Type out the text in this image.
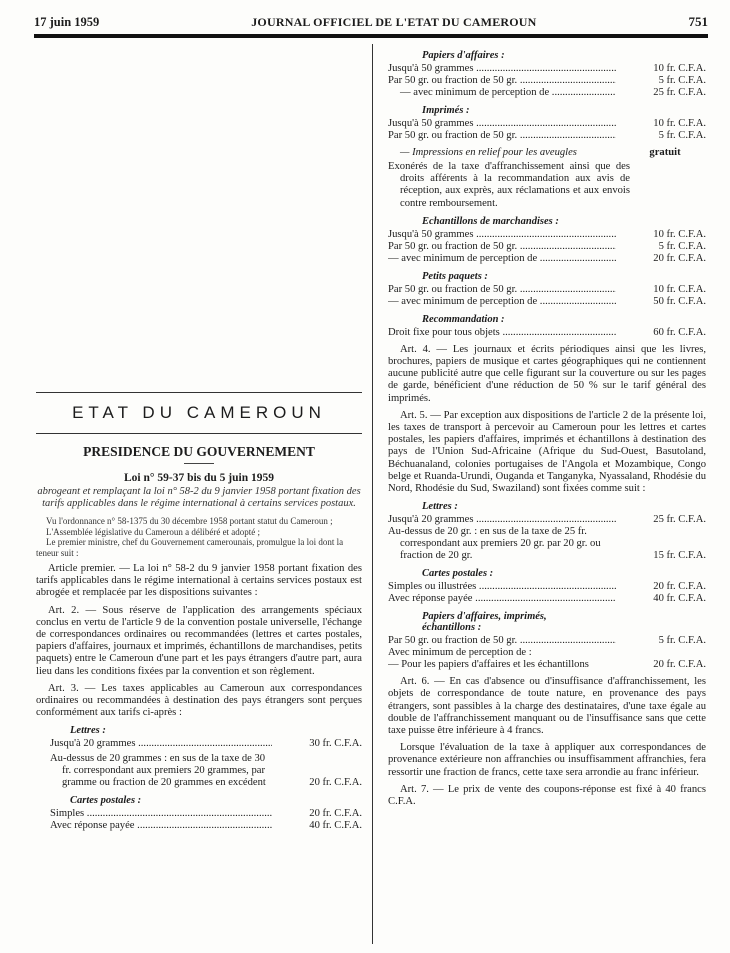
17 juin 1959	JOURNAL OFFICIEL DE L'ETAT DU CAMEROUN	751
ETAT DU CAMEROUN
PRESIDENCE DU GOUVERNEMENT
Loi n° 59-37 bis du 5 juin 1959
abrogeant et remplaçant la loi n° 58-2 du 9 janvier 1958 portant fixation des tarifs applicables dans le régime international à certains services postaux.

Vu l'ordonnance n° 58-1375 du 30 décembre 1958 portant statut du Cameroun ;

L'Assemblée législative du Cameroun a délibéré et adopté ;

Le premier ministre, chef du Gouvernement camerounais, promulgue la loi dont la teneur suit :

Article premier. — La loi n° 58-2 du 9 janvier 1958 portant fixation des tarifs applicables dans le régime international à certains services postaux est abrogée et remplacée par les dispositions suivantes :

Art. 2. — Sous réserve de l'application des arrangements spéciaux conclus en vertu de l'article 9 de la convention postale universelle, l'échange de correspondances ordinaires ou recommandées (lettres et cartes postales, papiers d'affaires, journaux et imprimés, échantillons de marchandises, petits paquets) entre le Cameroun d'une part et les pays étrangers d'autre part, aura lieu dans les conditions fixées par la convention et son règlement.

Art. 3. — Les taxes applicables au Cameroun aux correspondances ordinaires ou recommandées à destination des pays étrangers sont perçues conformément aux tarifs ci-après :

Lettres :
Jusqu'à 20 grammes .....	30 fr. C.F.A.
Au-dessus de 20 grammes : en sus de la taxe de 30 fr. correspondant aux premiers 20 grammes, par gramme ou fraction de 20 grammes en excédent	20 fr. C.F.A.
Cartes postales :
Simples .....	20 fr. C.F.A.
Avec réponse payée .....	40 fr. C.F.A.
Papiers d'affaires :
Jusqu'à 50 grammes .....	10 fr. C.F.A.
Par 50 gr. ou fraction de 50 gr. .....	5 fr. C.F.A.
— avec minimum de perception de .....	25 fr. C.F.A.
Imprimés :
Jusqu'à 50 grammes .....	10 fr. C.F.A.
Par 50 gr. ou fraction de 50 gr. .....	5 fr. C.F.A.
— Impressions en relief pour les aveugles	gratuit

Exonérés de la taxe d'affranchissement ainsi que des droits afférents à la recommandation aux avis de réception, aux exprès, aux réclamations et aux envois contre remboursement.

Echantillons de marchandises :
Jusqu'à 50 grammes .....	10 fr. C.F.A.
Par 50 gr. ou fraction de 50 gr. .....	5 fr. C.F.A.
— avec minimum de perception de .....	20 fr. C.F.A.
Petits paquets :
Par 50 gr. ou fraction de 50 gr. .....	10 fr. C.F.A.
— avec minimum de perception de .....	50 fr. C.F.A.
Recommandation :
Droit fixe pour tous objets .....	60 fr. C.F.A.

Art. 4. — Les journaux et écrits périodiques ainsi que les livres, brochures, papiers de musique et cartes géographiques qui ne contiennent aucune publicité autre que celle figurant sur la couverture ou sur les pages de garde, bénéficient d'une réduction de 50 % sur le tarif général des imprimés.

Art. 5. — Par exception aux dispositions de l'article 2 de la présente loi, les taxes de transport à percevoir au Cameroun pour les lettres et cartes postales, les papiers d'affaires, imprimés et échantillons à destination des pays de l'Union Sud-Africaine (Afrique du Sud-Ouest, Basutoland, Béchuanaland, colonies portugaises de l'Angola et Mozambique, Congo belge et Ruanda-Urundi, Ouganda et Tanganyka, Nyassaland, Rhodésie du Nord, Rhodésie du Sud, Swaziland) sont fixées comme suit :

Lettres :
Jusqu'à 20 grammes .....	25 fr. C.F.A.
Au-dessus de 20 gr. : en sus de la taxe de 25 fr. correspondant aux premiers 20 gr. par 20 gr. ou fraction de 20 gr.	15 fr. C.F.A.
Cartes postales :
Simples ou illustrées .....	20 fr. C.F.A.
Avec réponse payée .....	40 fr. C.F.A.
Papiers d'affaires, imprimés, échantillons :
Par 50 gr. ou fraction de 50 gr. .....	5 fr. C.F.A.
Avec minimum de perception de :
— Pour les papiers d'affaires et les échantillons	20 fr. C.F.A.

Art. 6. — En cas d'absence ou d'insuffisance d'affranchissement, les objets de correspondance de toute nature, en provenance des pays étrangers, sont passibles à la charge des destinataires, d'une taxe égale au double de l'affranchissement manquant ou de l'insuffisance sans que cette taxe puisse être inférieure à 4 francs.

Lorsque l'évaluation de la taxe à appliquer aux correspondances de provenance extérieure non affranchies ou insuffisamment affranchies, fera ressortir une fraction de francs, cette taxe sera arrondie au franc inférieur.

Art. 7. — Le prix de vente des coupons-réponse est fixé à 40 francs C.F.A.
